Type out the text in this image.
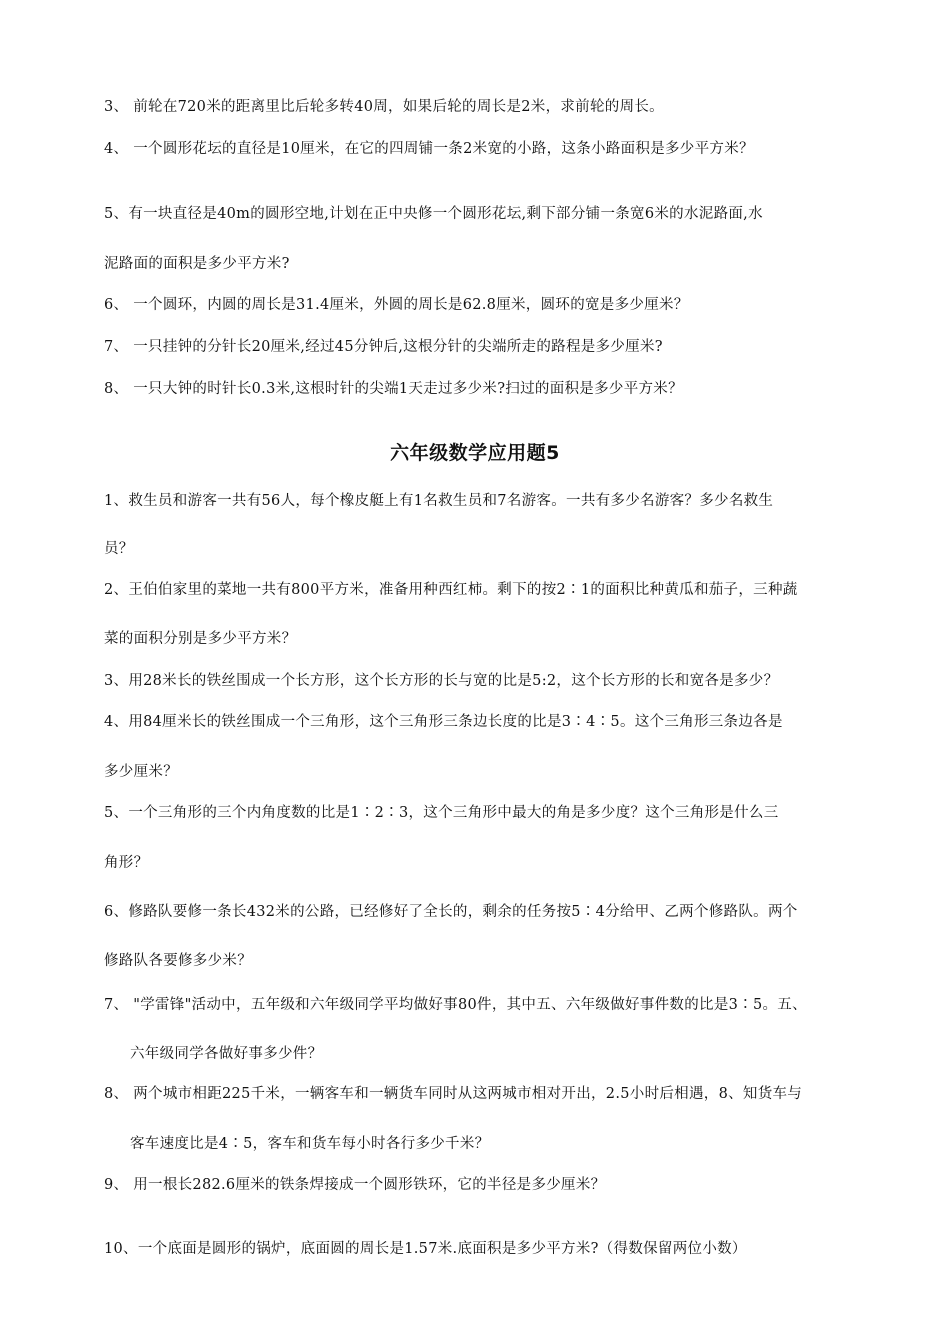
3、 前轮在720米的距离里比后轮多转40周，如果后轮的周长是2米，求前轮的周长。
4、 一个圆形花坛的直径是10厘米，在它的四周铺一条2米宽的小路，这条小路面积是多少平方米？
5、有一块直径是40m的圆形空地,计划在正中央修一个圆形花坛,剩下部分铺一条宽6米的水泥路面,水
泥路面的面积是多少平方米?
6、 一个圆环，内圆的周长是31.4厘米，外圆的周长是62.8厘米，圆环的宽是多少厘米？
7、 一只挂钟的分针长20厘米,经过45分钟后,这根分针的尖端所走的路程是多少厘米?
8、 一只大钟的时针长0.3米,这根时针的尖端1天走过多少米?扫过的面积是多少平方米？
六年级数学应用题5
1、救生员和游客一共有56人，每个橡皮艇上有1名救生员和7名游客。一共有多少名游客？多少名救生
员？
2、王伯伯家里的菜地一共有800平方米，准备用种西红柿。剩下的按2∶1的面积比种黄瓜和茄子，三种蔬
菜的面积分别是多少平方米？
3、用28米长的铁丝围成一个长方形，这个长方形的长与宽的比是5:2，这个长方形的长和宽各是多少？
4、用84厘米长的铁丝围成一个三角形，这个三角形三条边长度的比是3∶4∶5。这个三角形三条边各是
多少厘米？
5、一个三角形的三个内角度数的比是1∶2∶3，这个三角形中最大的角是多少度？这个三角形是什么三
角形？
6、修路队要修一条长432米的公路，已经修好了全长的，剩余的任务按5∶4分给甲、乙两个修路队。两个
修路队各要修多少米？
7、 "学雷锋"活动中，五年级和六年级同学平均做好事80件，其中五、六年级做好事件数的比是3∶5。五、
六年级同学各做好事多少件？
8、 两个城市相距225千米，一辆客车和一辆货车同时从这两城市相对开出，2.5小时后相遇，8、知货车与
客车速度比是4∶5，客车和货车每小时各行多少千米？
9、 用一根长282.6厘米的铁条焊接成一个圆形铁环，它的半径是多少厘米？
10、一个底面是圆形的锅炉，底面圆的周长是1.57米.底面积是多少平方米?（得数保留两位小数）
